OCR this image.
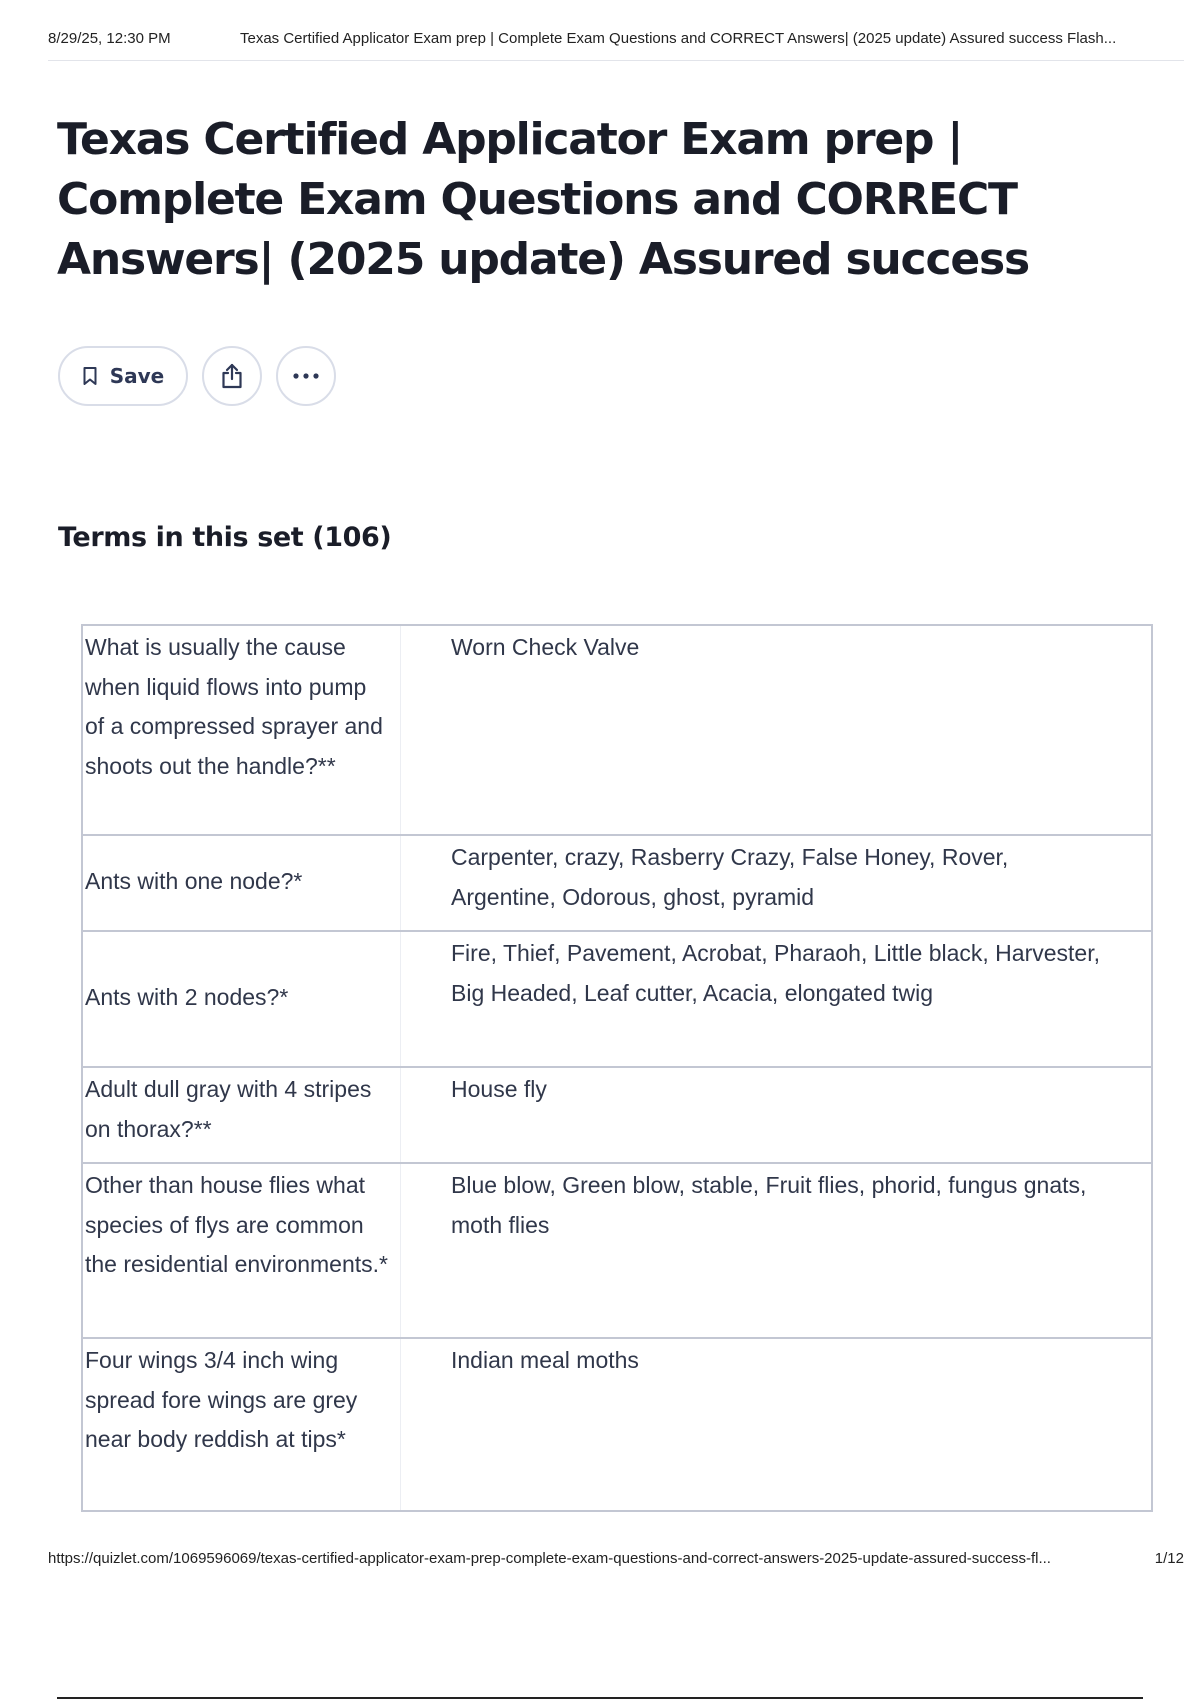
8/29/25, 12:30 PM	Texas Certified Applicator Exam prep | Complete Exam Questions and CORRECT Answers| (2025 update) Assured success Flash...
Texas Certified Applicator Exam prep | Complete Exam Questions and CORRECT Answers| (2025 update) Assured success
Save
Terms in this set (106)
What is usually the cause when liquid flows into pump of a compressed sprayer and shoots out the handle?**
Worn Check Valve
Ants with one node?*
Carpenter, crazy, Rasberry Crazy, False Honey, Rover, Argentine, Odorous, ghost, pyramid
Ants with 2 nodes?*
Fire, Thief, Pavement, Acrobat, Pharaoh, Little black, Harvester, Big Headed, Leaf cutter, Acacia, elongated twig
Adult dull gray with 4 stripes on thorax?**
House fly
Other than house flies what species of flys are common the residential environments.*
Blue blow, Green blow, stable, Fruit flies, phorid, fungus gnats, moth flies
Four wings 3/4 inch wing spread fore wings are grey near body reddish at tips*
Indian meal moths
https://quizlet.com/1069596069/texas-certified-applicator-exam-prep-complete-exam-questions-and-correct-answers-2025-update-assured-success-fl...	1/12
